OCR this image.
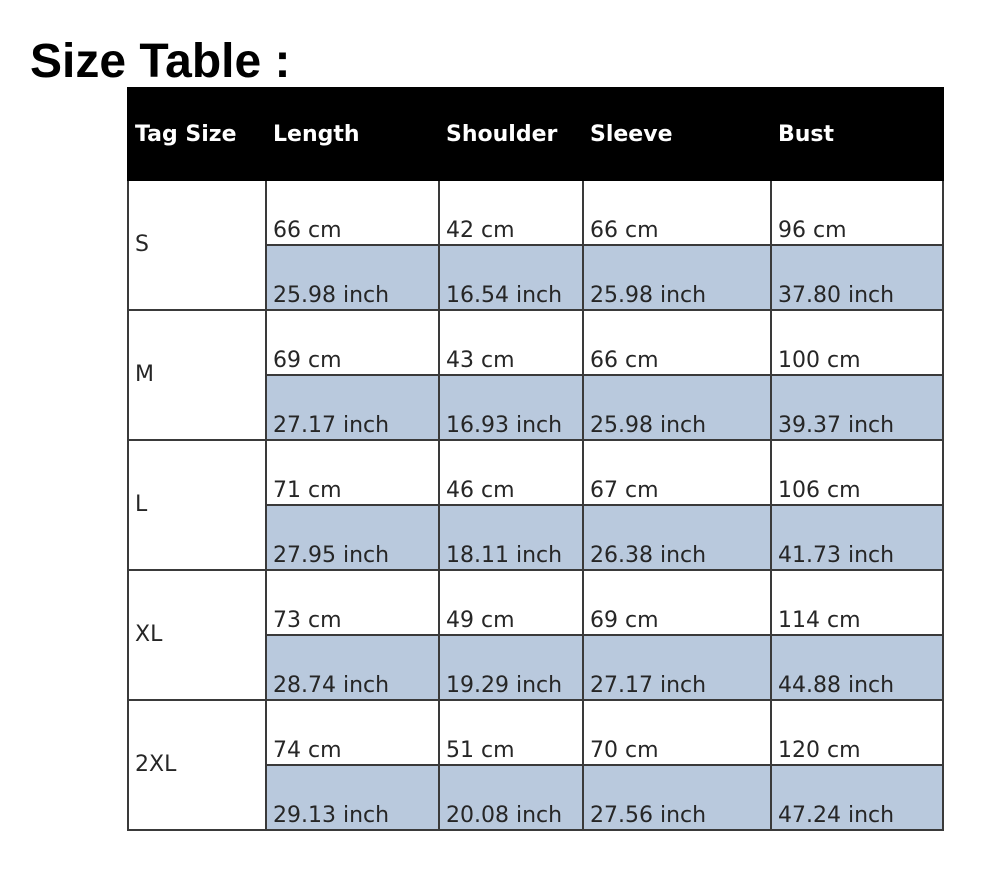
Size Table :
Tag Size	Length	Shoulder	Sleeve	Bust
S	66 cm	42 cm	66 cm	96 cm
	25.98 inch	16.54 inch	25.98 inch	37.80 inch
M	69 cm	43 cm	66 cm	100 cm
	27.17 inch	16.93 inch	25.98 inch	39.37 inch
L	71 cm	46 cm	67 cm	106 cm
	27.95 inch	18.11 inch	26.38 inch	41.73 inch
XL	73 cm	49 cm	69 cm	114 cm
	28.74 inch	19.29 inch	27.17 inch	44.88 inch
2XL	74 cm	51 cm	70 cm	120 cm
	29.13 inch	20.08 inch	27.56 inch	47.24 inch
